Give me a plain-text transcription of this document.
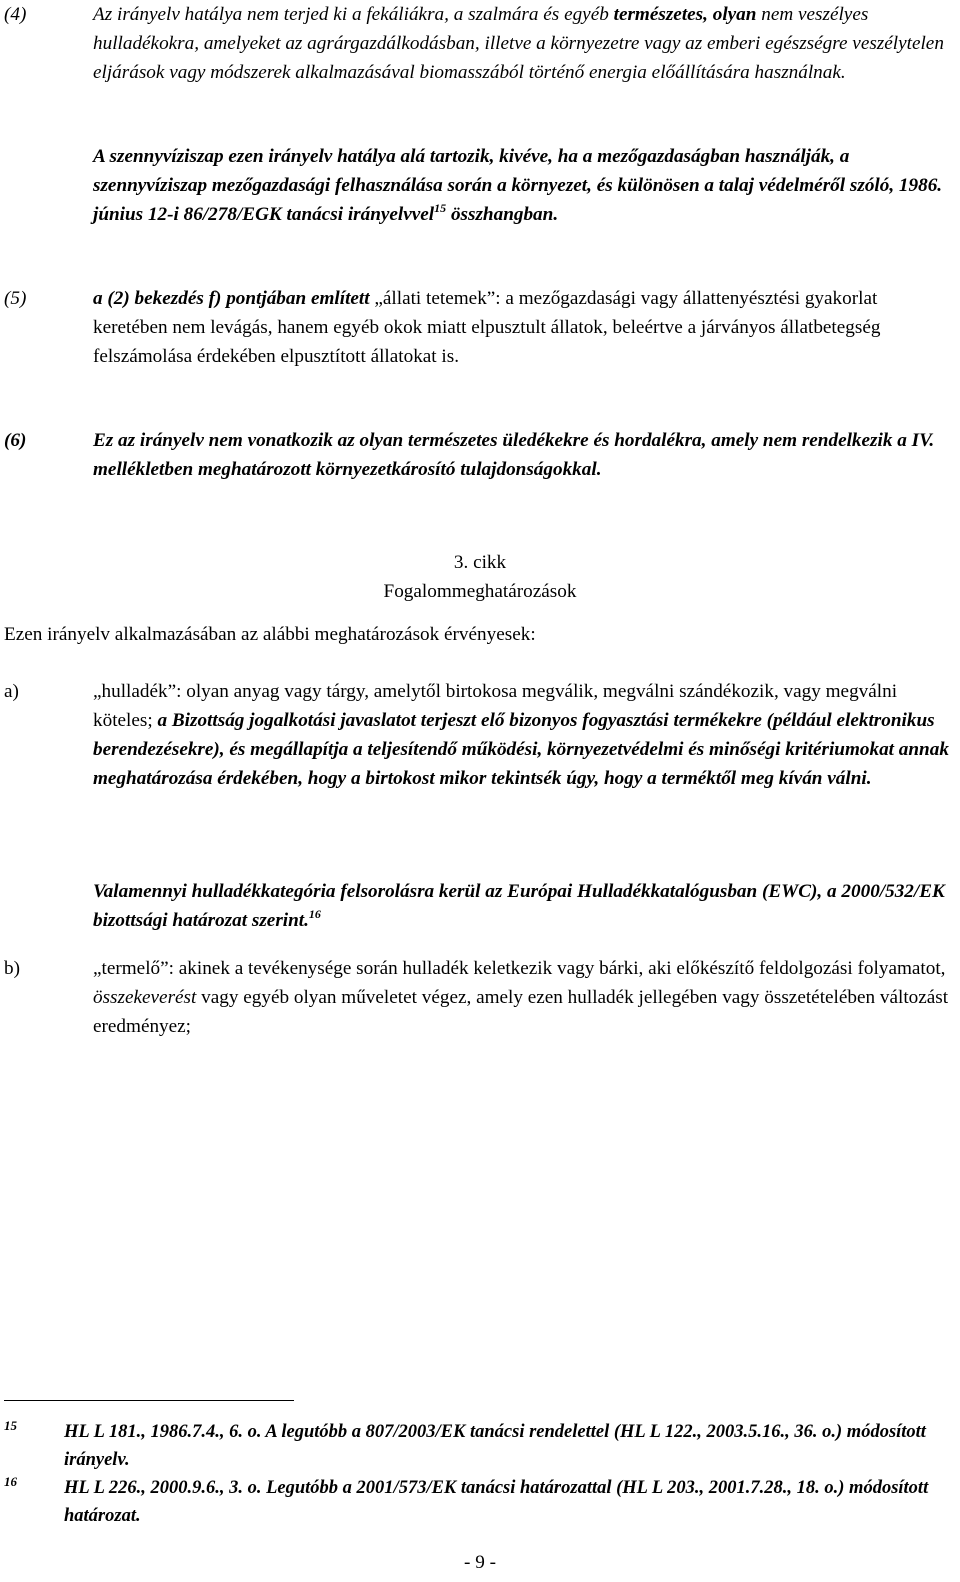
(4)	Az irányelv hatálya nem terjed ki a fekáliákra, a szalmára és egyéb természetes, olyan nem veszélyes hulladékokra, amelyeket az agrárgazdálkodásban, illetve a környezetre vagy az emberi egészségre veszélytelen eljárások vagy módszerek alkalmazásával biomasszából történő energia előállítására használnak.
A szennyvíziszap ezen irányelv hatálya alá tartozik, kivéve, ha a mezőgazdaságban használják, a szennyvíziszap mezőgazdasági felhasználása során a környezet, és különösen a talaj védelméről szóló, 1986. június 12-i 86/278/EGK tanácsi irányelvvel$^{15}$ összhangban.
(5)	a (2) bekezdés f) pontjában említett „állati tetemek”: a mezőgazdasági vagy állattenyésztési gyakorlat keretében nem levágás, hanem egyéb okok miatt elpusztult állatok, beleértve a járványos állatbetegség felszámolása érdekében elpusztított állatokat is.
(6)	Ez az irányelv nem vonatkozik az olyan természetes üledékekre és hordalékra, amely nem rendelkezik a IV. mellékletben meghatározott környezetkárosító tulajdonságokkal.
3. cikk
Fogalommeghatározások
Ezen irányelv alkalmazásában az alábbi meghatározások érvényesek:
a)	„hulladék”: olyan anyag vagy tárgy, amelytől birtokosa megválik, megválni szándékozik, vagy megválni köteles; a Bizottság jogalkotási javaslatot terjeszt elő bizonyos fogyasztási termékekre (például elektronikus berendezésekre), és megállapítja a teljesítendő működési, környezetvédelmi és minőségi kritériumokat annak meghatározása érdekében, hogy a birtokost mikor tekintsék úgy, hogy a terméktől meg kíván válni.
Valamennyi hulladékkategória felsorolásra kerül az Európai Hulladékkatalógusban (EWC), a 2000/532/EK bizottsági határozat szerint.$^{16}$
b)	„termelő”: akinek a tevékenysége során hulladék keletkezik vagy bárki, aki előkészítő feldolgozási folyamatot, összekeverést vagy egyéb olyan műveletet végez, amely ezen hulladék jellegében vagy összetételében változást eredményez;
15	HL L 181., 1986.7.4., 6. o. A legutóbb a 807/2003/EK tanácsi rendelettel (HL L 122., 2003.5.16., 36. o.) módosított irányelv.
16	HL L 226., 2000.9.6., 3. o. Legutóbb a 2001/573/EK tanácsi határozattal (HL L 203., 2001.7.28., 18. o.) módosított határozat.
- 9 -
